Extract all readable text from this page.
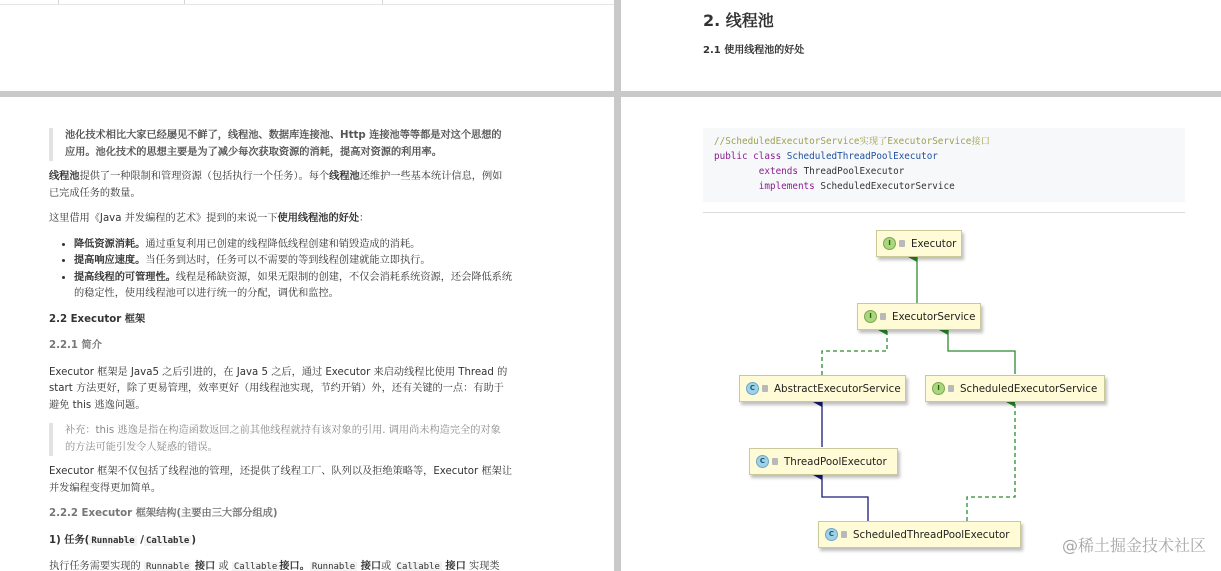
2. 线程池
2.1 使用线程池的好处
池化技术相比大家已经屡见不鲜了，线程池、数据库连接池、Http 连接池等等都是对这个思想的
应用。池化技术的思想主要是为了减少每次获取资源的消耗，提高对资源的利用率。

线程池提供了一种限制和管理资源（包括执行一个任务）。每个线程池还维护一些基本统计信息，例如
已完成任务的数量。

这里借用《Java 并发编程的艺术》提到的来说一下使用线程池的好处：

• 降低资源消耗。通过重复利用已创建的线程降低线程创建和销毁造成的消耗。
• 提高响应速度。当任务到达时，任务可以不需要的等到线程创建就能立即执行。
• 提高线程的可管理性。线程是稀缺资源，如果无限制的创建，不仅会消耗系统资源，还会降低系统
的稳定性，使用线程池可以进行统一的分配，调优和监控。
2.2 Executor 框架
2.2.1 简介

Executor 框架是 Java5 之后引进的，在 Java 5 之后，通过 Executor 来启动线程比使用 Thread 的
start 方法更好，除了更易管理，效率更好（用线程池实现，节约开销）外，还有关键的一点：有助于
避免 this 逃逸问题。

补充：this 逃逸是指在构造函数返回之前其他线程就持有该对象的引用. 调用尚未构造完全的对象
的方法可能引发令人疑惑的错误。

Executor 框架不仅包括了线程池的管理，还提供了线程工厂、队列以及拒绝策略等，Executor 框架让
并发编程变得更加简单。

2.2.2 Executor 框架结构(主要由三大部分组成)
1) 任务( Runnable / Callable )

执行任务需要实现的 Runnable 接口 或 Callable 接口。 Runnable 接口或 Callable 接口 实现类

//ScheduledExecutorService实现了ExecutorService接口
public class ScheduledThreadPoolExecutor
extends ThreadPoolExecutor
implements ScheduledExecutorService
I	Executor
I	ExecutorService
C	AbstractExecutorService	I	ScheduledExecutorService
C	ThreadPoolExecutor
C	ScheduledThreadPoolExecutor
@稀土掘金技术社区
